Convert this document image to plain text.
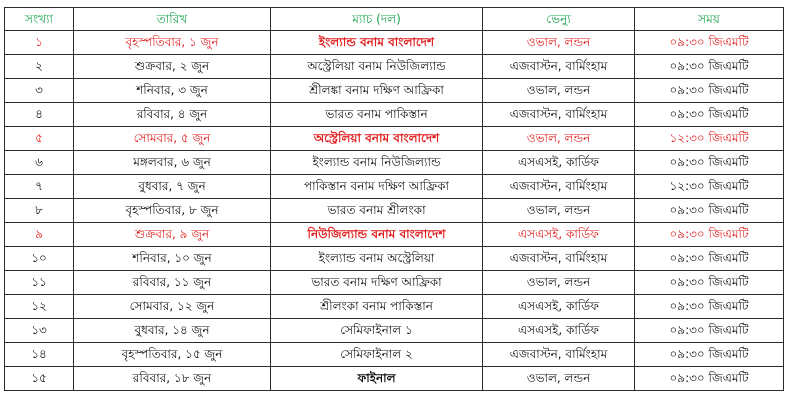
সংখ্যা	তারিখ	ম্যাচ (দল)	ভেন্যু	সময়
১	বৃহস্পতিবার, ১ জুন	ইংল্যান্ড বনাম বাংলাদেশ	ওভাল, লন্ডন	০৯:৩০ জিএমটি
২	শুক্রবার, ২ জুন	অস্ট্রেলিয়া বনাম নিউজিল্যান্ড	এজবাস্টন, বার্মিংহাম	০৯:৩০ জিএমটি
৩	শনিবার, ৩ জুন	শ্রীলঙ্কা বনাম দক্ষিণ আফ্রিকা	ওভাল, লন্ডন	০৯:৩০ জিএমটি
৪	রবিবার, ৪ জুন	ভারত বনাম পাকিস্তান	এজবাস্টন, বার্মিংহাম	০৯:৩০ জিএমটি
৫	সোমবার, ৫ জুন	অস্ট্রেলিয়া বনাম বাংলাদেশ	ওভাল, লন্ডন	১২:৩০ জিএমটি
৬	মঙ্গলবার, ৬ জুন	ইংল্যান্ড বনাম নিউজিল্যান্ড	এসএসই, কার্ডিফ	০৯:৩০ জিএমটি
৭	বুধবার, ৭ জুন	পাকিস্তান বনাম দক্ষিণ আফ্রিকা	এজবাস্টন, বার্মিংহাম	১২:৩০ জিএমটি
৮	বৃহস্পতিবার, ৮ জুন	ভারত বনাম শ্রীলংকা	ওভাল, লন্ডন	০৯:৩০ জিএমটি
৯	শুক্রবার, ৯ জুন	নিউজিল্যান্ড বনাম বাংলাদেশ	এসএসই, কার্ডিফ	০৯:৩০ জিএমটি
১০	শনিবার, ১০ জুন	ইংল্যান্ড বনাম অস্ট্রেলিয়া	এজবাস্টন, বার্মিংহাম	০৯:৩০ জিএমটি
১১	রবিবার, ১১ জুন	ভারত বনাম দক্ষিণ আফ্রিকা	ওভাল, লন্ডন	০৯:৩০ জিএমটি
১২	সোমবার, ১২ জুন	শ্রীলংকা বনাম পাকিস্তান	এসএসই, কার্ডিফ	০৯:৩০ জিএমটি
১৩	বুধবার, ১৪ জুন	সেমিফাইনাল ১	এসএসই, কার্ডিফ	০৯:৩০ জিএমটি
১৪	বৃহস্পতিবার, ১৫ জুন	সেমিফাইনাল ২	এজবাস্টন, বার্মিংহাম	০৯:৩০ জিএমটি
১৫	রবিবার, ১৮ জুন	ফাইনাল	ওভাল, লন্ডন	০৯:৩০ জিএমটি
